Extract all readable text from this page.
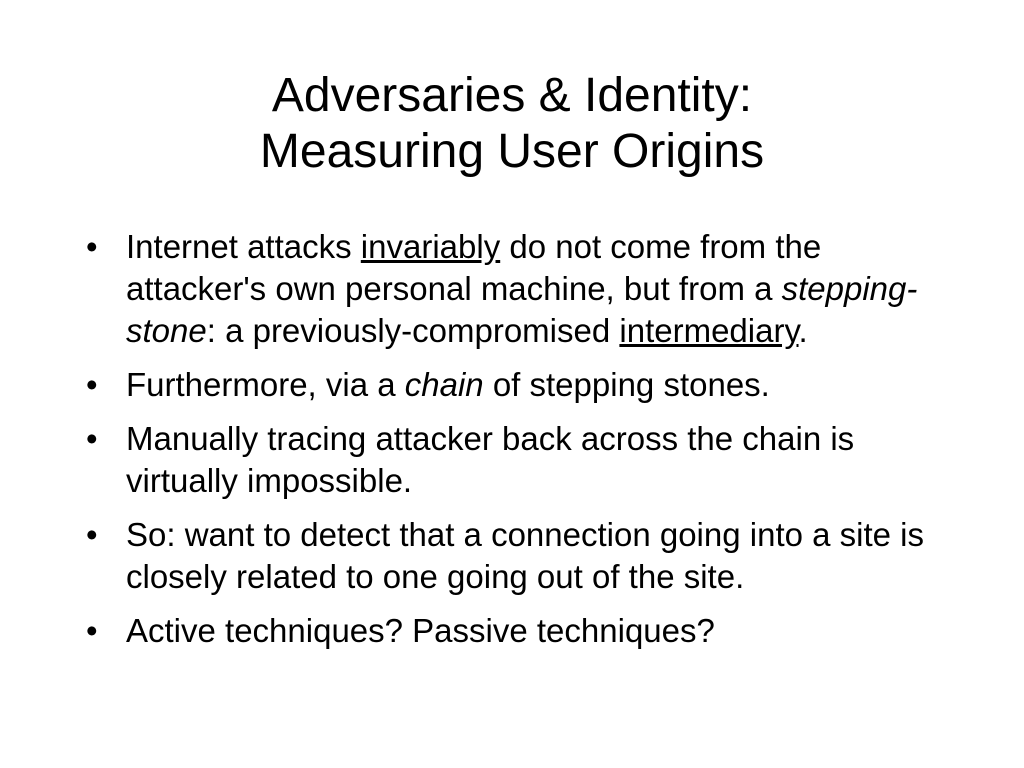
Adversaries & Identity:
Measuring User Origins
• Internet attacks invariably do not come from the attacker's own personal machine, but from a stepping-stone: a previously-compromised intermediary.
• Furthermore, via a chain of stepping stones.
• Manually tracing attacker back across the chain is virtually impossible.
• So: want to detect that a connection going into a site is closely related to one going out of the site.
• Active techniques? Passive techniques?
